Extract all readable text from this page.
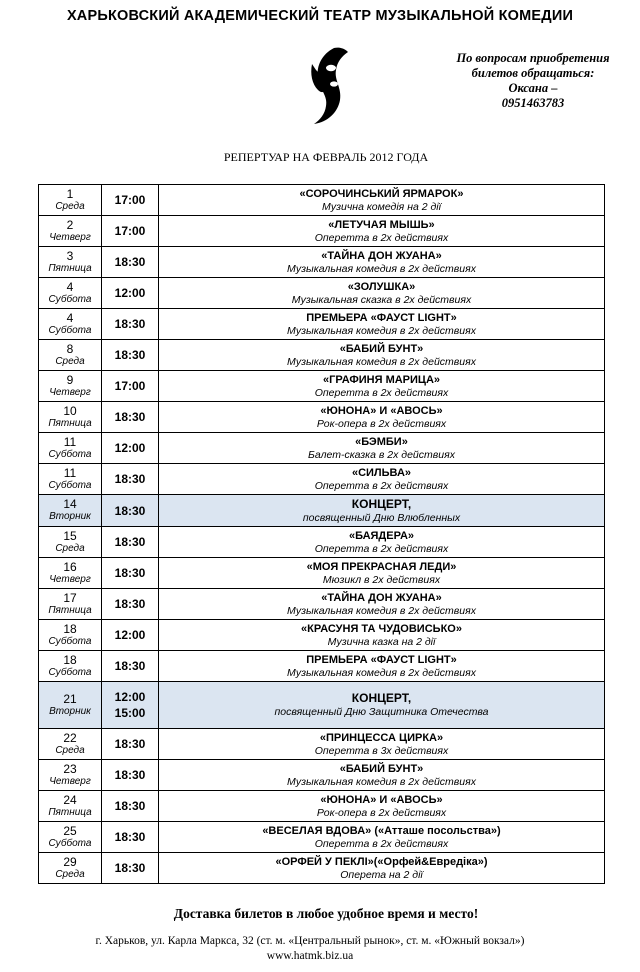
ХАРЬКОВСКИЙ АКАДЕМИЧЕСКИЙ ТЕАТР МУЗЫКАЛЬНОЙ КОМЕДИИ
По вопросам приобретения
билетов обращаться:
Оксана –
0951463783
РЕПЕРТУАР НА ФЕВРАЛЬ 2012 ГОДА
1
Среда	17:00	«СОРОЧИНСЬКИЙ ЯРМАРОК»
Музична комедія на 2 дії

2
Четверг	17:00	«ЛЕТУЧАЯ МЫШЬ»
Оперетта в 2х действиях

3
Пятница	18:30	«ТАЙНА ДОН ЖУАНА»
Музыкальная комедия в 2х действиях

4
Суббота	12:00	«ЗОЛУШКА»
Музыкальная сказка в 2х действиях

4
Суббота	18:30	ПРЕМЬЕРА «ФАУСТ LIGHT»
Музыкальная комедия в 2х действиях

8
Среда	18:30	«БАБИЙ БУНТ»
Музыкальная комедия в 2х действиях

9
Четверг	17:00	«ГРАФИНЯ МАРИЦА»
Оперетта в 2х действиях

10
Пятница	18:30	«ЮНОНА» И «АВОСЬ»
Рок-опера в 2х действиях

11
Суббота	12:00	«БЭМБИ»
Балет-сказка в 2х действиях

11
Суббота	18:30	«СИЛЬВА»
Оперетта в 2х действиях

14
Вторник	18:30	КОНЦЕРТ,
посвященный Дню Влюбленных

15
Среда	18:30	«БАЯДЕРА»
Оперетта в 2х действиях

16
Четверг	18:30	«МОЯ ПРЕКРАСНАЯ ЛЕДИ»
Мюзикл в 2х действиях

17
Пятница	18:30	«ТАЙНА ДОН ЖУАНА»
Музыкальная комедия в 2х действиях

18
Суббота	12:00	«КРАСУНЯ ТА ЧУДОВИСЬКО»
Музична казка на 2 дії

18
Суббота	18:30	ПРЕМЬЕРА «ФАУСТ LIGHT»
Музыкальная комедия в 2х действиях

21
Вторник	12:00
15:00	КОНЦЕРТ,
посвященный Дню Защитника Отечества

22
Среда	18:30	«ПРИНЦЕССА ЦИРКА»
Оперетта в 3х действиях

23
Четверг	18:30	«БАБИЙ БУНТ»
Музыкальная комедия в 2х действиях

24
Пятница	18:30	«ЮНОНА» И «АВОСЬ»
Рок-опера в 2х действиях

25
Суббота	18:30	«ВЕСЕЛАЯ ВДОВА» («Атташе посольства»)
Оперетта в 2х действиях

29
Среда	18:30	«ОРФЕЙ У ПЕКЛІ»(«Орфей&Евредіка»)
Оперета на 2 дії
Доставка билетов в любое удобное время и место!
г. Харьков, ул. Карла Маркса, 32 (ст. м. «Центральный рынок», ст. м. «Южный вокзал»)
www.hatmk.biz.ua
